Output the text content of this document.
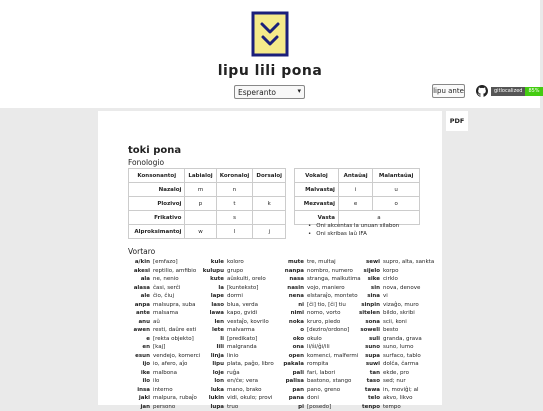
lipu lili pona
Esperanto	▾	lipu ante	gitlocalized	85%
PDF
toki pona
Fonologio
Konsonantoj	Labialoj	Koronaloj	Dorsaloj
Nazaloj	m	n	
Plozivoj	p	t	k
Frikativo		s	
Alproksimantoj	w	l	j
Vokaloj	Antaŭaj	Malantaŭaj
Malvastaj	i	u
Mezvastaj	e	o
Vasta	a	
• Oni akcentas la unuan silabon
• Oni skribas laŭ IFA
Vortaro
a/kin [emfazo]
akesi reptilio, amfibio
ala ne, nenio
alasa ĉasi, serĉi
ale ĉio, ĉiuj
anpa malsupra, suba
ante malsama
anu aŭ
awen resti, daŭre esti
e [rekta objekto]
en [kaj]
esun vendejo, komerci
ijo io, afero, aĵo
ike malbona
ilo ilo
insa interno
jaki malpura, rubaĵo
jan persono
kule koloro
kulupu grupo
kute aŭskulti, orelo
la [kunteksto]
lape dormi
laso blua, verda
lawa kapo, gvidi
len vestaĵo, kovrilo
lete malvarma
li [predikato]
lili malgranda
linja linio
lipu plata, paĝo, libro
loje ruĝa
lon en/ĉe; vera
luka mano, brako
lukin vidi, okulo; provi
lupa truo
mute tre, multaj
nanpa nombro, numero
nasa stranga, malkutima
nasin vojo, maniero
nena elstaraĵo, monteto
ni [ĉi] tio, [ĉi] tiu
nimi nomo, vorto
noka kruro, piedo
o [dezirо/ordono]
oko okulo
ona li/ŝi/ĝi/ili
open komenci, malfermi
pakala rompita
pali fari, labori
palisa bastono, stango
pan pano, greno
pana doni
pi [posedo]
sewi supro, alta, sankta
sijelo korpo
sike cirklo
sin nova, denove
sina vi
sinpin vizaĝo, muro
sitelen bildo, skribi
sona scii, koni
soweli besto
suli granda, grava
suno suno, lumo
supa surfaco, tablo
suwi dolĉa, ĉarma
tan ekde, pro
taso sed; nur
tawa in, moviĝi; al
telo akvo, likvo
tenpo tempo
